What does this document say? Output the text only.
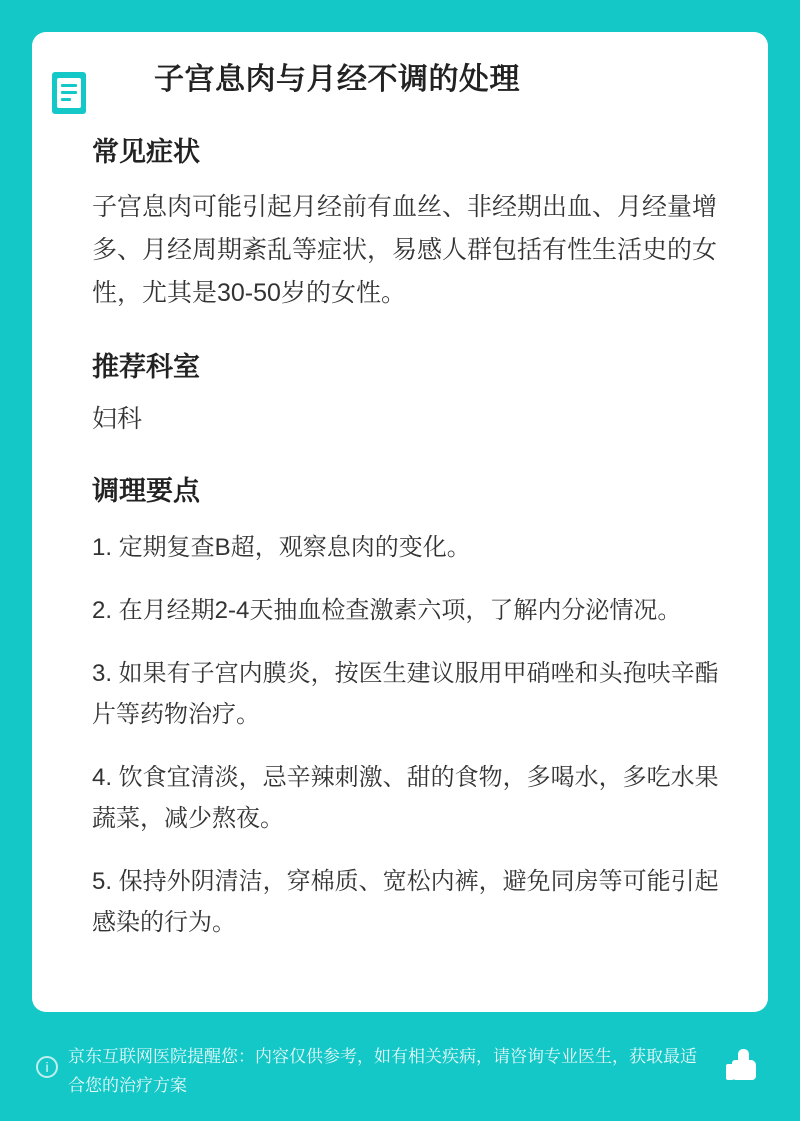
子宫息肉与月经不调的处理
常见症状

子宫息肉可能引起月经前有血丝、非经期出血、月经量增多、月经周期紊乱等症状，易感人群包括有性生活史的女性，尤其是30-50岁的女性。

推荐科室

妇科

调理要点
1. 定期复查B超，观察息肉的变化。
2. 在月经期2-4天抽血检查激素六项，了解内分泌情况。
3. 如果有子宫内膜炎，按医生建议服用甲硝唑和头孢呋辛酯片等药物治疗。
4. 饮食宜清淡，忌辛辣刺激、甜的食物，多喝水，多吃水果蔬菜，减少熬夜。
5. 保持外阴清洁，穿棉质、宽松内裤，避免同房等可能引起感染的行为。
i
京东互联网医院提醒您：内容仅供参考，如有相关疾病，请咨询专业医生，获取最适合您的治疗方案
